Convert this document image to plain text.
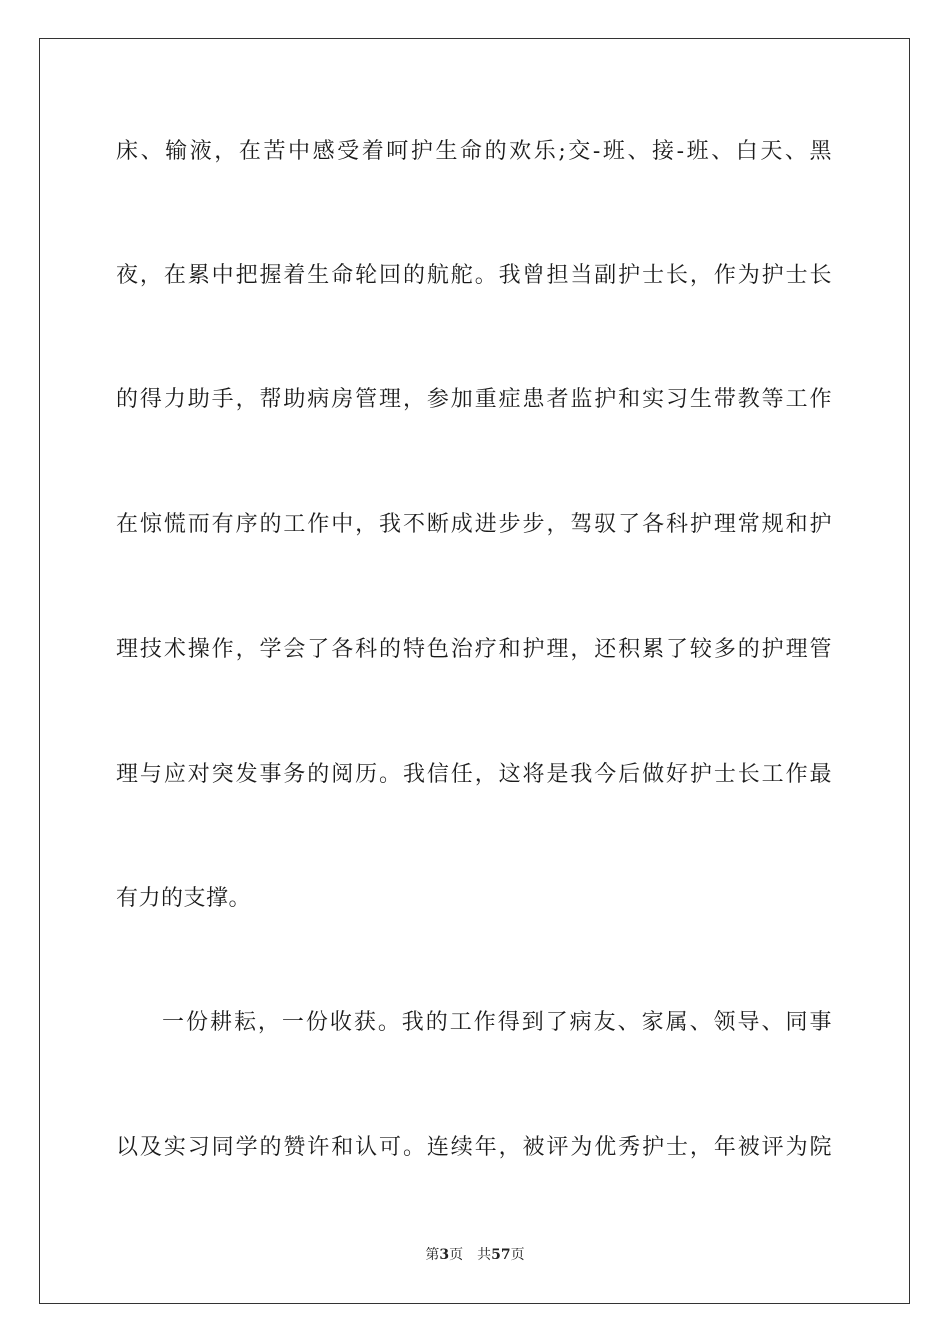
床、输液，在苦中感受着呵护生命的欢乐;交-班、接-班、白天、黑
夜，在累中把握着生命轮回的航舵。我曾担当副护士长，作为护士长
的得力助手，帮助病房管理，参加重症患者监护和实习生带教等工作
在惊慌而有序的工作中，我不断成进步步，驾驭了各科护理常规和护
理技术操作，学会了各科的特色治疗和护理，还积累了较多的护理管
理与应对突发事务的阅历。我信任，这将是我今后做好护士长工作最
有力的支撑。
一份耕耘，一份收获。我的工作得到了病友、家属、领导、同事
以及实习同学的赞许和认可。连续年，被评为优秀护士，年被评为院
第3页 共57页
